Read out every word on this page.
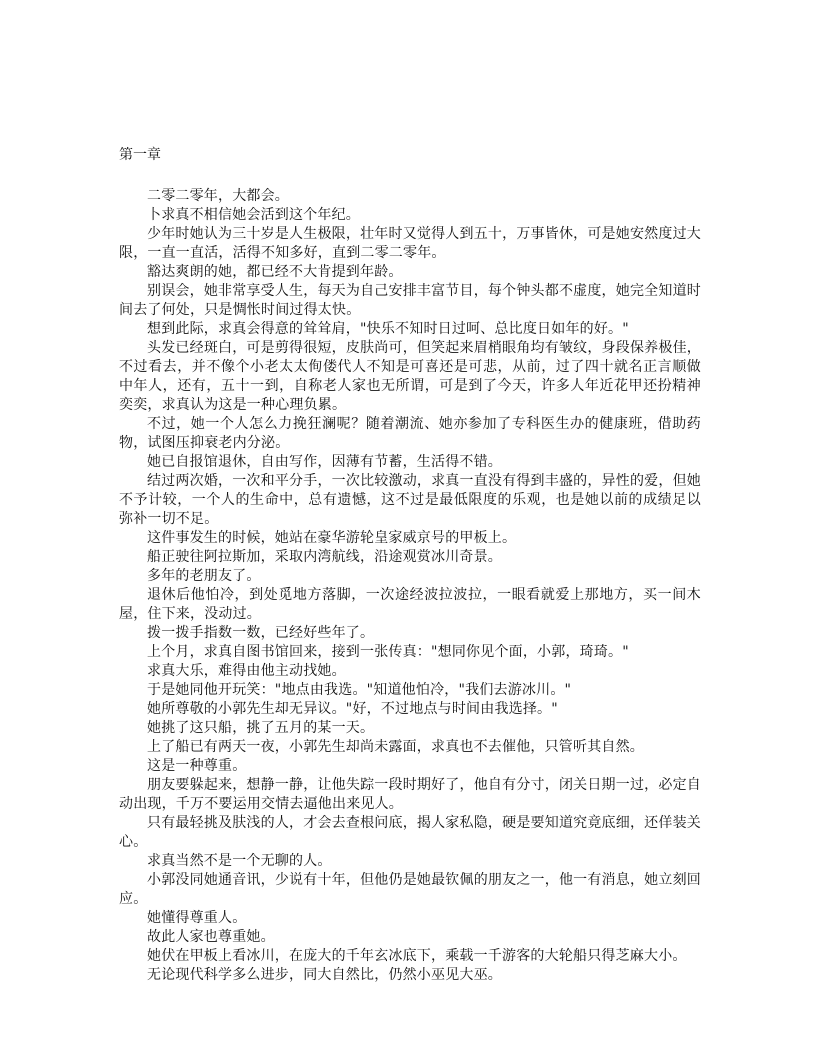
第一章

二零二零年，大都会。

卜求真不相信她会活到这个年纪。

少年时她认为三十岁是人生极限，壮年时又觉得人到五十，万事皆休，可是她安然度过大限，一直一直活，活得不知多好，直到二零二零年。

豁达爽朗的她，都已经不大肯提到年龄。

别误会，她非常享受人生，每天为自己安排丰富节目，每个钟头都不虚度，她完全知道时间去了何处，只是惆怅时间过得太快。

想到此际，求真会得意的耸耸肩，"快乐不知时日过呵、总比度日如年的好。"

头发已经斑白，可是剪得很短，皮肤尚可，但笑起来眉梢眼角均有皱纹，身段保养极佳，不过看去，并不像个小老太太侚偻代人不知是可喜还是可悲，从前，过了四十就名正言顺做中年人，还有，五十一到，自称老人家也无所谓，可是到了今天，许多人年近花甲还扮精神奕奕，求真认为这是一种心理负累。

不过，她一个人怎么力挽狂澜呢？随着潮流、她亦参加了专科医生办的健康班，借助药物，试图压抑衰老内分泌。

她已自报馆退休，自由写作，因薄有节蓄，生活得不错。

结过两次婚，一次和平分手，一次比较激动，求真一直没有得到丰盛的，异性的爱，但她不予计较，一个人的生命中，总有遗憾，这不过是最低限度的乐观，也是她以前的成绩足以弥补一切不足。

这件事发生的时候，她站在豪华游轮皇家威京号的甲板上。

船正驶往阿拉斯加，采取内湾航线，沿途观赏冰川奇景。

多年的老朋友了。

退休后他怕冷，到处觅地方落脚，一次途经波拉波拉，一眼看就爱上那地方，买一间木屋，住下来，没动过。

拨一拨手指数一数，已经好些年了。

上个月，求真自图书馆回来，接到一张传真："想同你见个面，小郭，琦琦。"

求真大乐，难得由他主动找她。

于是她同他开玩笑："地点由我选。"知道他怕冷，"我们去游冰川。"

她所尊敬的小郭先生却无异议。"好，不过地点与时间由我选择。"

她挑了这只船，挑了五月的某一天。

上了船已有两天一夜，小郭先生却尚未露面，求真也不去催他，只管听其自然。

这是一种尊重。

朋友要躲起来，想静一静，让他失踪一段时期好了，他自有分寸，闭关日期一过，必定自动出现，千万不要运用交情去逼他出来见人。

只有最轻挑及肤浅的人，才会去查根问底，揭人家私隐，硬是要知道究竟底细，还佯装关心。

求真当然不是一个无聊的人。

小郭没同她通音讯，少说有十年，但他仍是她最钦佩的朋友之一，他一有消息，她立刻回应。

她懂得尊重人。

故此人家也尊重她。

她伏在甲板上看冰川，在庞大的千年玄冰底下，乘载一千游客的大轮船只得芝麻大小。

无论现代科学多么进步，同大自然比，仍然小巫见大巫。
